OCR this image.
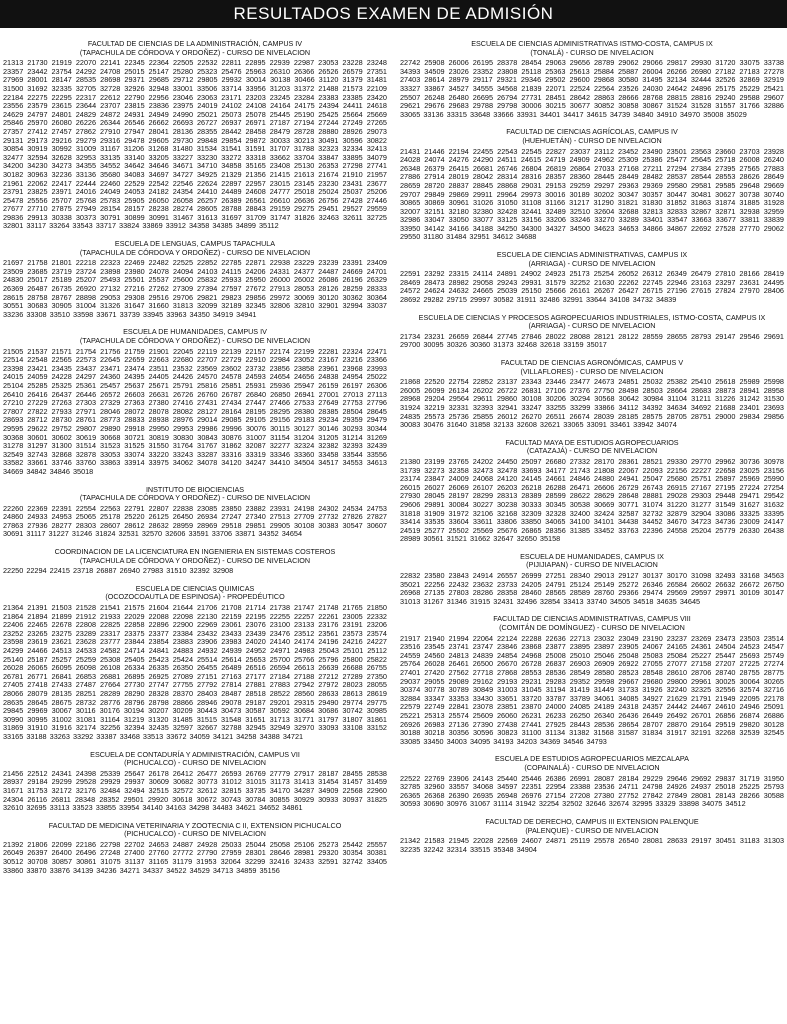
RESULTADOS EXAMEN DE ADMISIÓN
FACULTAD DE CIENCIAS DE LA ADMINISTRACIÓN, CAMPUS IV
(TAPACHULA DE CÓRDOVA Y ORDOÑEZ) - CURSO DE NIVELACION

21313 21730 21919 22070 22141 22345 22364 22505 22532 22811 22895 22939 22987 23053 23228 23248 23357 23442 23754 24292 24708 25015 25147 25280 25323 25476 25963 26310 26366 26526 26579 27351 27969 28001 28147 28535 28698 29371 29685 29712 29805 29932 30014 30138 30466 31120 31379 31481 31500 31692 32335 32705 32728 32926 32948 33001 33506 33714 33956 31203 31372 21488 21573 22109 22184 22275 22295 22317 22612 22790 22956 23046 23063 23171 23203 23245 23284 23383 23385 23420 23556 23579 23615 23644 23707 23815 23836 23975 24019 24102 24108 24164 24175 24394 24411 24618 24629 24797 24801 24829 24872 24931 24949 24990 25021 25073 25078 25445 25190 25425 25664 25669 25846 25970 26080 26226 26344 26546 26662 26693 26727 26937 26971 27187 27194 27244 27249 27265 27357 27412 27457 27862 27910 27947 28041 28136 28355 28442 28458 28479 28728 28880 28926 29073 29131 29173 29216 29279 29316 29478 29605 29730 29848 29854 29872 30033 30213 30491 30596 30822 30854 30919 30992 31009 31167 31206 31268 31480 31534 31541 31591 31707 31788 32323 32334 32413 32477 32594 32628 32953 33135 33140 33205 33227 33230 33272 33318 33662 33704 33847 33895 34079 34200 34230 34273 34355 34552 34642 34646 34671 34710 34858 35165 23408 25130 26353 27298 27741 30182 30963 32236 33136 35680 34083 34697 34727 34925 21329 21356 21415 21613 21674 21910 21957 21961 22062 22417 22444 22460 22529 22542 22546 22624 22897 22957 23015 23145 23230 23431 23677 23791 23825 23971 24016 24049 24053 24182 24354 24410 24489 24608 24777 25018 25024 25037 25206 25478 25556 25707 25768 25783 25905 26050 26058 26257 26389 26561 26610 26636 26756 27428 27446 27677 27710 27875 27949 28154 28157 28238 28274 28605 28788 28843 29159 29275 29451 29527 29559 29836 29913 30338 30373 30791 30899 30991 31467 31613 31697 31709 31747 31826 32463 32611 32725 32801 33117 33264 33543 33717 33824 33869 33912 34358 34385 34899 35112

ESCUELA DE LENGUAS, CAMPUS TAPACHULA
(TAPACHULA DE CÓRDOVA Y ORDOÑEZ) - CURSO DE NIVELACION

21697 21758 21801 22218 22323 22469 22482 22525 22852 22785 22871 22938 23229 23239 23391 23409 23509 23685 23719 23724 23898 23980 24078 24094 24103 24115 24206 24331 24377 24487 24669 24701 24830 25017 25189 25207 25493 25501 25537 25600 25832 25933 25950 26000 26002 26086 26196 26329 26369 26487 26735 26920 27132 27216 27262 27309 27394 27597 27672 27913 28053 28126 28259 28333 28615 28758 28767 28898 29053 29308 29516 29706 29821 29823 29856 29972 30069 30120 30362 30364 30551 30683 30905 31004 31326 31647 31660 31813 32099 32189 32345 32806 32810 32901 32994 33037 33236 33308 33510 33598 33671 33739 33945 33963 34350 34919 34941

ESCUELA DE HUMANIDADES, CAMPUS IV
(TAPACHULA DE CÓRDOVA Y ORDOÑEZ) - CURSO DE NIVELACION

21505 21537 21571 21754 21756 21759 21901 22045 22119 22139 22157 22174 22199 22281 22324 22471 22514 22548 22565 22573 22645 22659 22663 22680 22707 22729 22910 22984 23052 23167 23216 23366 23398 23421 23435 23437 23471 23474 23511 23532 23569 23602 23732 23856 23858 23961 23968 23993 24015 24059 24228 24297 24360 24395 24405 24426 24570 24578 24593 24654 24656 24838 24954 25022 25104 25285 25325 25361 25457 25637 25671 25791 25816 25851 25931 25936 25947 26159 26197 26306 26410 26416 26437 26446 26572 26603 26631 26726 26760 26787 26840 26850 26941 27001 27013 27113 27210 27229 27263 27303 27329 27363 27380 27416 27431 27434 27447 27466 27533 27649 27753 27796 27807 27822 27933 27971 28046 28072 28078 28082 28127 28164 28195 28295 28380 28385 28504 28645 28693 28712 28730 28761 28773 28833 28938 28976 29014 29085 29105 29156 29183 29234 29359 29479 29595 29622 29752 29807 29890 29918 29950 29953 29986 29996 30076 30115 30127 30146 30293 30344 30368 30601 30602 30619 30668 30721 30819 30830 30843 30876 31007 31154 31204 31205 31214 31269 31278 31297 31300 31514 31523 31525 31550 31764 31767 31862 32087 32277 32324 32382 32393 32439 32549 32743 32868 32878 33053 33074 33220 33243 33287 33316 33319 33346 33360 33458 33544 33556 33582 33661 33746 33760 33863 33914 33975 34062 34078 34120 34247 34410 34504 34517 34553 34613 34669 34842 34846 35018

INSTITUTO DE BIOCIENCIAS
(TAPACHULA DE CÓRDOVA Y ORDOÑEZ) - CURSO DE NIVELACION

22260 22369 22391 22554 22563 22791 22807 22838 23085 23850 23882 23931 24198 24302 24534 24753 24860 24933 24953 25065 25178 25220 26125 26450 26934 27247 27340 27513 27709 27732 27826 27827 27863 27936 28277 28303 28607 28612 28632 28959 28969 29518 29851 29905 30108 30383 30547 30607 30691 31117 31227 31246 31824 32531 32570 32606 33591 33706 33871 34352 34654

COORDINACION DE LA LICENCIATURA EN INGENIERIA EN SISTEMAS COSTEROS
(TAPACHULA DE CÓRDOVA Y ORDOÑEZ) - CURSO DE NIVELACION

22250 22294 22415 23718 26887 26940 27983 31510 32392 32908

ESCUELA DE CIENCIAS QUIMICAS
(OCOZOCOAUTLA DE ESPINOSA) - PROPEDÉUTICO

21364 21391 21503 21528 21541 21575 21604 21644 21706 21708 21714 21738 21747 21748 21765 21850 21864 21894 21899 21912 21933 22029 22088 22098 22130 22159 22195 22255 22257 22261 23005 22332 22406 22465 22678 22808 22825 22858 22896 22900 22969 23061 23076 23100 23133 23176 23191 23206 23252 23265 23275 23289 23317 23375 23377 23384 23432 23433 23439 23476 23512 23561 23573 23574 23598 23619 23621 23628 23777 23844 23854 23883 23906 23983 24020 24140 24174 24196 24216 24227 24299 24466 24513 24533 24582 24714 24841 24883 24932 24939 24952 24971 24983 25043 25101 25112 25140 25187 25257 25259 25308 25405 25423 25424 25514 25614 25653 25700 25766 25796 25800 25822 26028 26065 26095 26098 26108 26334 26335 26350 26455 26489 26516 26594 26613 26639 26688 26755 26781 26771 26841 26853 26881 26895 26925 27089 27151 27163 27177 27184 27188 27212 27289 27350 27405 27418 27433 27487 27664 27730 27747 27755 27792 27814 27881 27883 27942 27972 28023 28055 28066 28079 28135 28251 28289 28290 28328 28370 28403 28487 28518 28522 28560 28633 28613 28619 28635 28645 28675 28732 28776 28796 28798 28866 28946 29078 29187 29201 29315 29490 29774 29775 29845 29969 30067 30116 30176 30194 30207 30209 30443 30473 30587 30592 30684 30686 30742 30985 30990 30995 31002 31081 31164 31219 31320 31485 31515 31548 31651 31713 31771 31797 31807 31861 31869 31910 31916 32174 32256 32394 32435 32597 32667 32788 32945 32949 32970 33093 33108 33152 33165 33188 33263 33292 33387 33468 33513 33672 34059 34121 34258 34388 34721

ESCUELA DE CONTADURÍA Y ADMINISTRACIÓN, CAMPUS VII
(PICHUCALCO) - CURSO DE NIVELACION

21456 22512 24341 24398 25339 25647 26178 26412 26477 26593 26769 27779 27917 28187 28455 28538 28937 29184 29299 29528 29929 29937 30609 30682 30773 31012 31015 31173 31413 31454 31457 31459 31671 31753 32172 32176 32484 32494 32515 32572 32612 32815 33735 34170 34287 34909 22568 22960 24304 26116 26811 28348 28352 29501 29920 30618 30672 30743 30784 30855 30929 30933 30937 31825 32610 32695 33113 33523 33855 33954 34140 34163 34298 34483 34621 34652 34861

FACULTAD DE MEDICINA VETERINARIA Y ZOOTECNIA C II, EXTENSION PICHUCALCO
(PICHUCALCO) - CURSO DE NIVELACION

21392 21806 22099 22186 22798 22702 24653 24887 24928 25033 25044 25058 25106 25273 25442 25557 26049 26397 26400 26496 27248 27400 27760 27772 27790 27959 28301 28646 28981 29320 30354 30381 30512 30708 30857 30861 31075 31137 31165 31179 31953 32064 32299 32416 32433 32591 32742 33405 33860 33870 33876 34139 34236 34271 34337 34522 34529 34713 34859 35156

ESCUELA DE CIENCIAS ADMINISTRATIVAS ISTMO-COSTA, CAMPUS IX
(TONALÁ) - CURSO DE NIVELACION

22742 25908 26006 26195 28378 28454 29063 29656 28789 29062 29066 29817 29930 31720 33075 33738 34393 34509 23026 23352 23808 25118 25363 25613 25884 25887 26004 26266 26980 27182 27183 27278 27403 28614 28979 29117 29321 29346 29502 29600 29868 30580 31495 32134 32444 32526 32869 32919 33327 33867 34527 34555 34568 21839 22071 22524 22564 23526 24030 24642 24896 25175 25229 25421 25507 26248 26480 26695 26794 27731 28451 28642 28863 28666 28768 28815 28816 29240 29588 29607 29621 29676 29683 29788 29798 30006 30215 30677 30852 30858 30867 31524 31528 31557 31766 32886 33065 33136 33315 33648 33666 33931 34401 34417 34615 34739 34840 34910 34970 35008 35029

FACULTAD DE CIENCIAS AGRÍCOLAS, CAMPUS IV
(HUEHUETÁN) - CURSO DE NIVELACION

21431 21446 22194 22455 22543 22545 22827 23037 23112 23452 23490 23501 23563 23660 23703 23928 24028 24074 24276 24290 24511 24615 24719 24909 24962 25309 25386 25477 25645 25718 26008 26240 26348 26379 26415 26681 26746 26804 26819 26864 27033 27168 27211 27294 27384 27395 27565 27883 27886 27914 28019 28042 28314 28316 28357 28360 28445 28449 28482 28537 28544 28553 28626 28649 28659 28720 28837 28845 28868 29031 29153 29259 29297 29363 29369 29580 29581 29585 29648 29669 29707 29849 29869 29911 29964 29973 30016 30189 30202 30347 30357 30447 30481 30627 30738 30740 30865 30869 30961 31026 31050 31108 31166 31217 31290 31821 31830 31852 31863 31874 31885 31928 32007 32151 32180 32380 32428 32441 32489 32510 32604 32688 32813 32833 32867 32871 32938 32959 32986 33047 33050 33077 33125 33156 33206 33246 33270 33289 33401 33547 33663 33677 33811 33839 33950 34142 34166 34188 34250 34300 34327 34500 34623 34653 34866 34867 22692 27528 27770 29062 29550 31180 31484 32951 34612 34688

ESCUELA DE CIENCIAS ADMINISTRATIVAS, CAMPUS IX
(ARRIAGA) - CURSO DE NIVELACION

22591 23292 23315 24114 24891 24902 24923 25173 25254 26052 26312 26349 26479 27810 28166 28419 28469 28473 28982 29058 29243 29931 31579 32252 21630 22262 22745 22946 23163 23297 23631 24495 24572 24624 24632 24665 25039 25150 25666 26161 26267 26427 26715 27196 27615 27824 27970 28406 28692 29282 29715 29997 30582 31911 32486 32991 33644 34108 34732 34839

ESCUELA DE CIENCIAS Y PROCESOS AGROPECUARIOS INDUSTRIALES, ISTMO-COSTA, CAMPUS IX
(ARRIAGA) - CURSO DE NIVELACION

21734 23231 26659 26844 27745 27846 28022 28088 28121 28122 28559 28655 28793 29147 29546 29691 29700 30095 30326 30360 31373 32468 32618 33159 35017

FACULTAD DE CIENCIAS AGRONÓMICAS, CAMPUS V
(VILLAFLORES) - CURSO DE NIVELACION

21868 22520 22754 22852 23137 23343 23446 23477 24673 24851 25032 25382 25410 25618 25989 25998 26005 26099 26134 26202 26722 26831 27106 27376 27750 28498 28503 28664 28683 28873 28941 28958 28968 29204 29564 29611 29860 30108 30206 30294 30568 30642 30984 31104 31211 31226 31242 31530 31924 32219 32331 32393 32941 33247 33255 33299 33866 34112 34392 34634 34692 21688 23401 23693 24835 25573 25736 25855 26012 26270 26511 26674 28039 28185 28575 28705 28751 29000 29834 29856 30083 30476 31640 31858 32133 32608 32621 33065 33091 33461 33942 34074

FACULTAD MAYA DE ESTUDIOS AGROPECUARIOS
(CATAZAJÁ) - CURSO DE NIVELACION

21380 23199 23765 24202 24450 25097 26680 27332 28170 28361 28521 29330 29770 29962 30736 30978 31739 32273 32358 32473 32478 33693 34177 21743 21808 22067 22093 22156 22227 22658 23025 23156 23174 23847 24009 24068 24120 24145 24661 24846 24880 24941 25047 25680 25751 25897 25969 25990 26015 26027 26069 26107 26203 26218 26288 26471 26606 26729 26743 26915 27167 27195 27224 27254 27930 28045 28197 28299 28313 28389 28599 28622 28629 28648 28881 29028 29303 29448 29471 29542 29606 29891 30084 30227 30238 30333 30345 30538 30669 30771 31074 31220 31277 31549 31627 31632 31818 31909 31972 32106 32168 32309 32328 32400 32424 32587 32732 32879 32904 33086 33325 33395 33414 33535 33604 33611 33806 33850 34065 34100 34101 34438 34452 34670 34723 34736 23009 24147 24519 25277 25502 25569 25676 26865 28356 31385 33452 33763 22396 24558 25204 25779 26330 26438 28989 30561 31521 31662 32647 32650 35158

ESCUELA DE HUMANIDADES, CAMPUS IX
(PIJIJIAPAN) - CURSO DE NIVELACION

22832 23580 23843 24914 26557 26999 27251 28340 29013 29127 30137 30170 31098 32493 33168 34563 35021 22256 22432 23632 23733 24205 24791 25124 25149 25272 26346 26584 26602 26632 26672 26750 26968 27135 27803 28286 28358 28460 28565 28589 28760 29366 29474 29569 29597 29971 30109 30147 31013 31267 31346 31915 32431 32496 32854 33413 33740 34505 34518 34635 34645

FACULTAD DE CIENCIAS ADMINISTRATIVAS, CAMPUS VIII
(COMITÁN DE DOMÍNGUEZ) - CURSO DE NIVELACION

21917 21940 21994 22064 22124 22288 22636 22713 23032 23049 23190 23237 23269 23473 23503 23514 23516 23545 23741 23747 23846 23868 23877 23895 23897 23905 24067 24165 24361 24504 24523 24547 24559 24560 24813 24839 24854 24968 25008 25010 25046 25048 25083 25084 25227 25447 25693 25749 25764 26028 26461 26500 26670 26728 26837 26903 26909 26922 27055 27077 27158 27207 27225 27274 27401 27420 27562 27718 27868 28553 28536 28549 28580 28523 28548 28610 28706 28740 28755 28775 29037 29055 29089 29162 29193 29231 29283 29352 29598 29667 29680 29800 29961 30025 30064 30265 30374 30778 30789 30849 31003 31045 31194 31419 31449 31733 31926 32240 32325 32556 32574 32716 32884 33347 33353 33430 33651 33720 33787 33789 34061 34085 34927 21629 21791 21949 22095 22178 22579 22749 22841 23078 23851 23870 24000 24085 24189 24318 24357 24442 24467 24610 24946 25091 25221 25313 25574 25609 26060 26231 26233 26250 26340 26436 26449 26492 26701 26856 26874 26886 26926 26983 27136 27390 27438 27441 27925 28443 28536 28654 28707 28870 29164 29519 29820 30128 30188 30218 30356 30596 30823 31100 31134 31382 31568 31587 31834 31917 32191 32268 32539 32545 33085 33450 34003 34095 34193 34203 34369 34546 34793

ESCUELA DE ESTUDIOS AGROPECUARIOS MEZCALAPA
(COPAINALÁ) - CURSO DE NIVELACION

22522 22769 23906 24143 25440 25446 26386 26991 28087 28184 29229 29646 29692 29837 31719 31950 32785 32960 33557 34068 34597 22351 22954 23388 23536 24711 24798 24926 24937 25018 25225 25793 26365 26368 26390 26935 26948 26976 27154 27208 27380 27752 27842 27849 28081 28143 28266 30588 30593 30690 30976 31067 31114 31942 32254 32502 32646 32674 32995 33329 33898 34075 34512

FACULTAD DE DERECHO, CAMPUS III EXTENSION PALENQUE
(PALENQUE) - CURSO DE NIVELACION

21342 21583 21945 22028 22569 24607 24871 25119 25578 26540 28081 28633 29197 30451 31183 31303 32235 32242 32314 33515 35348 34904
